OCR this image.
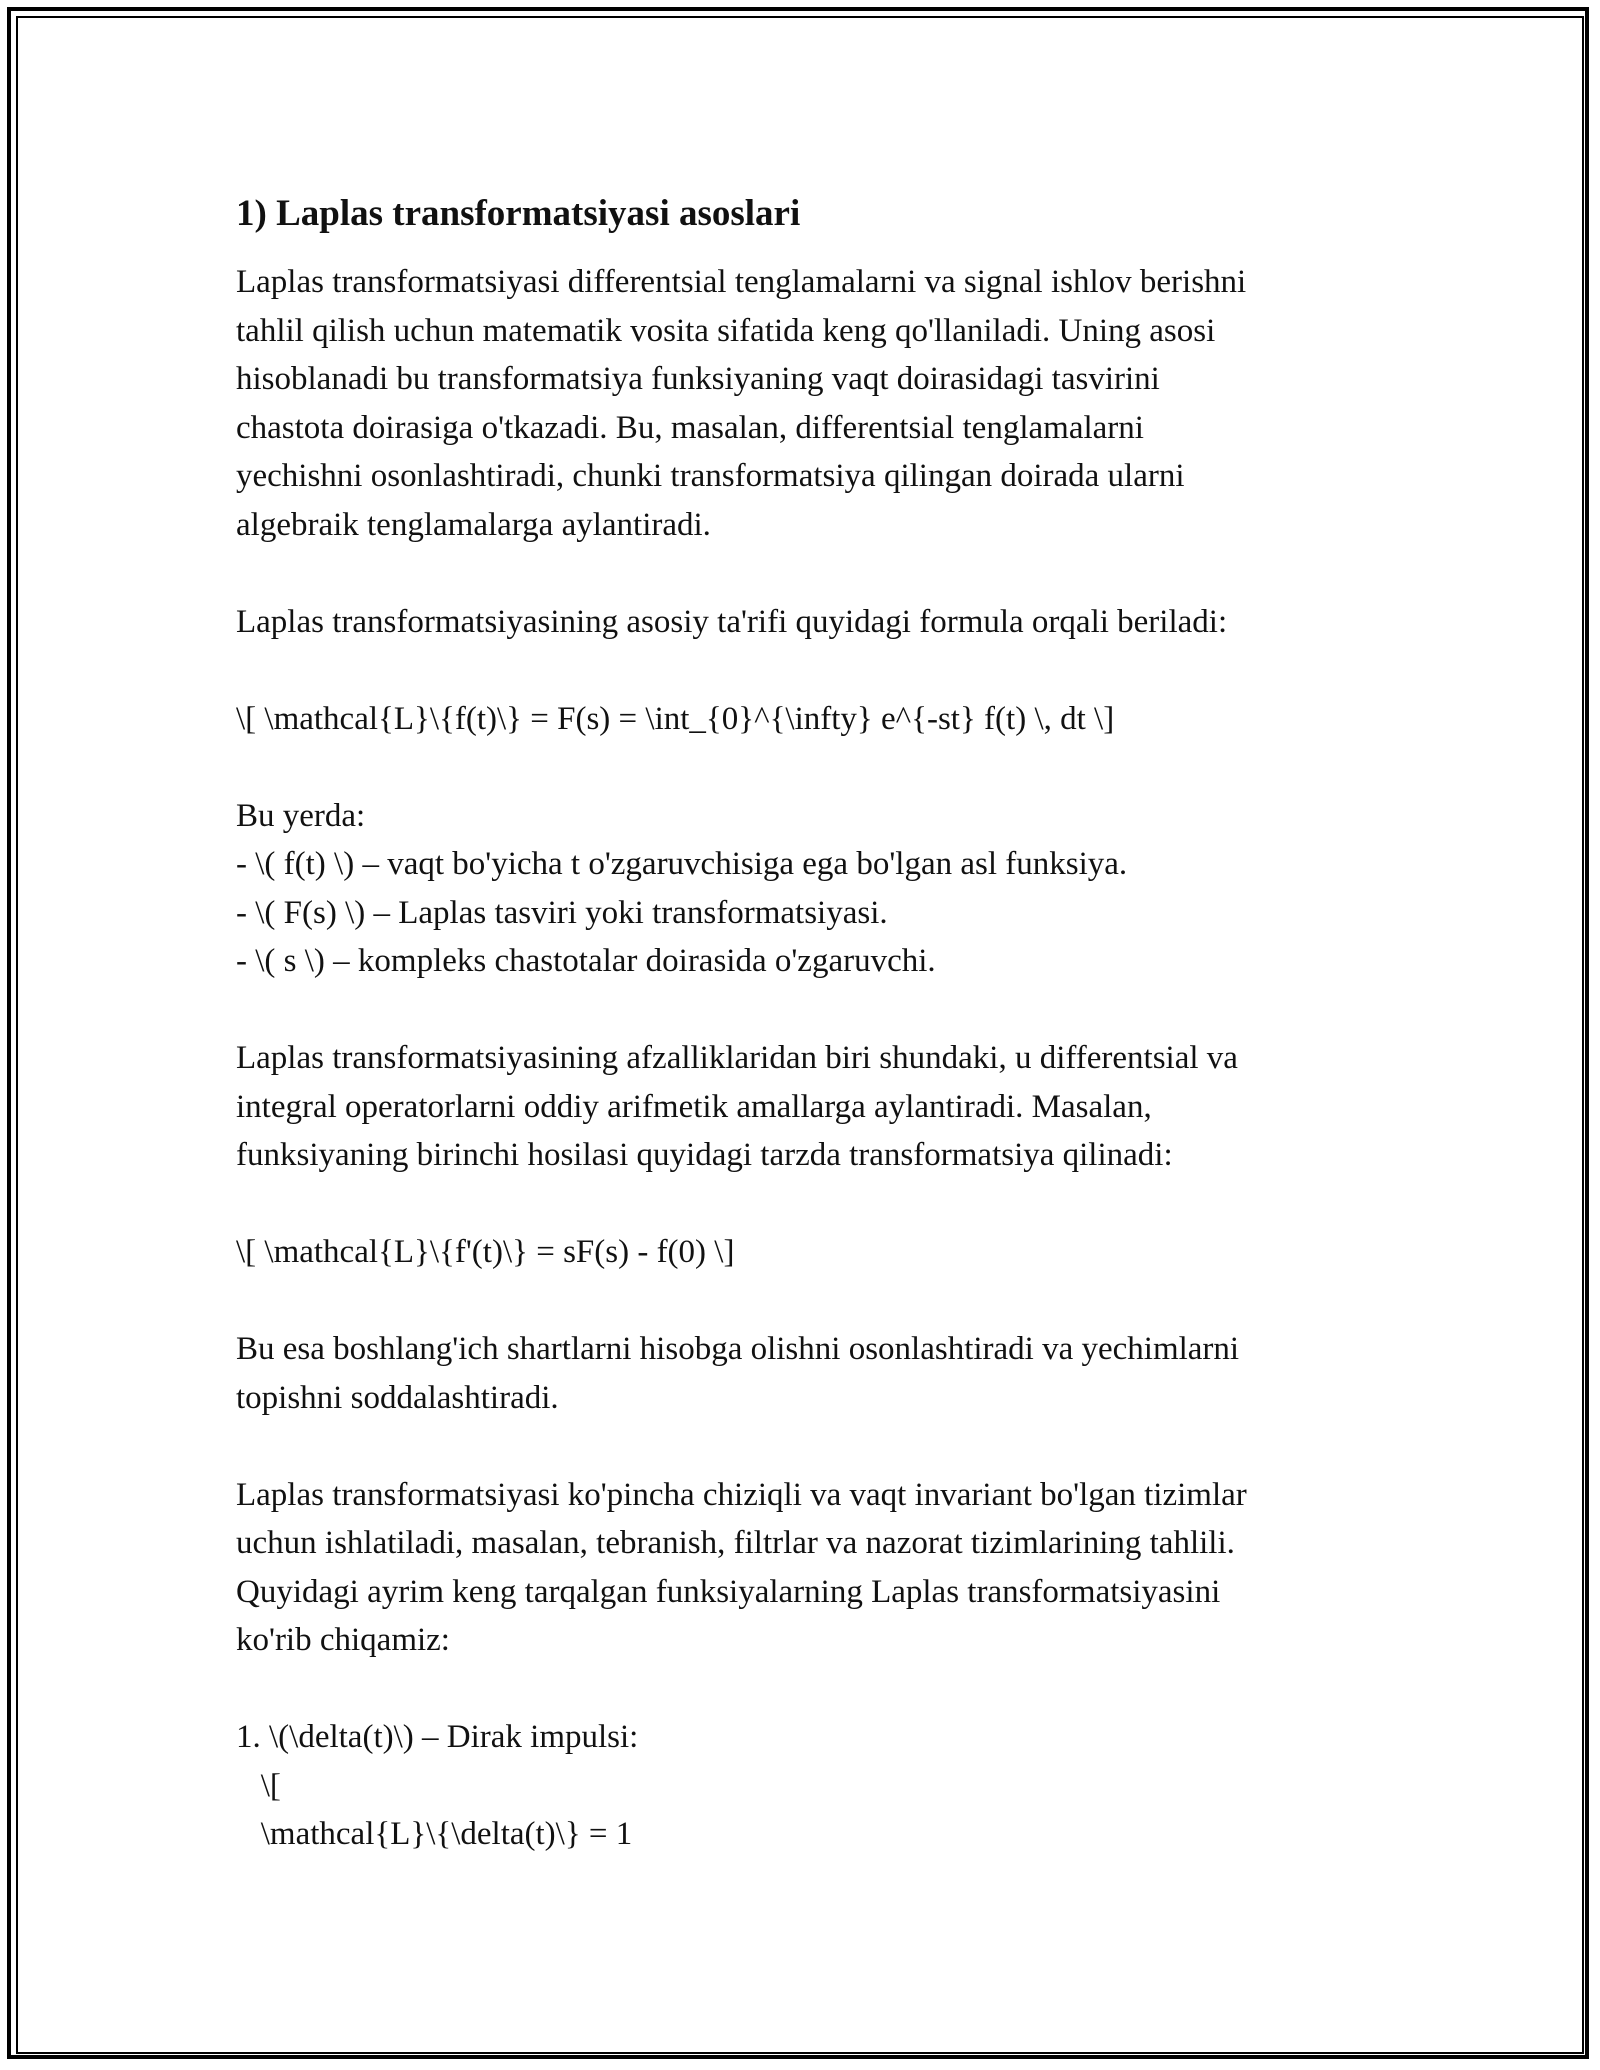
1) Laplas transformatsiyasi asoslari

Laplas transformatsiyasi differentsial tenglamalarni va signal ishlov berishni
tahlil qilish uchun matematik vosita sifatida keng qo'llaniladi. Uning asosi
hisoblanadi bu transformatsiya funksiyaning vaqt doirasidagi tasvirini
chastota doirasiga o'tkazadi. Bu, masalan, differentsial tenglamalarni
yechishni osonlashtiradi, chunki transformatsiya qilingan doirada ularni
algebraik tenglamalarga aylantiradi.

Laplas transformatsiyasining asosiy ta'rifi quyidagi formula orqali beriladi:

\[ \mathcal{L}\{f(t)\} = F(s) = \int_{0}^{\infty} e^{-st} f(t) \, dt \]

Bu yerda:
- \( f(t) \) – vaqt bo'yicha t o'zgaruvchisiga ega bo'lgan asl funksiya.
- \( F(s) \) – Laplas tasviri yoki transformatsiyasi.
- \( s \) – kompleks chastotalar doirasida o'zgaruvchi.

Laplas transformatsiyasining afzalliklaridan biri shundaki, u differentsial va
integral operatorlarni oddiy arifmetik amallarga aylantiradi. Masalan,
funksiyaning birinchi hosilasi quyidagi tarzda transformatsiya qilinadi:

\[ \mathcal{L}\{f'(t)\} = sF(s) - f(0) \]

Bu esa boshlang'ich shartlarni hisobga olishni osonlashtiradi va yechimlarni
topishni soddalashtiradi.

Laplas transformatsiyasi ko'pincha chiziqli va vaqt invariant bo'lgan tizimlar
uchun ishlatiladi, masalan, tebranish, filtrlar va nazorat tizimlarining tahlili.
Quyidagi ayrim keng tarqalgan funksiyalarning Laplas transformatsiyasini
ko'rib chiqamiz:

1. \(\delta(t)\) – Dirak impulsi:
\[
\mathcal{L}\{\delta(t)\} = 1
